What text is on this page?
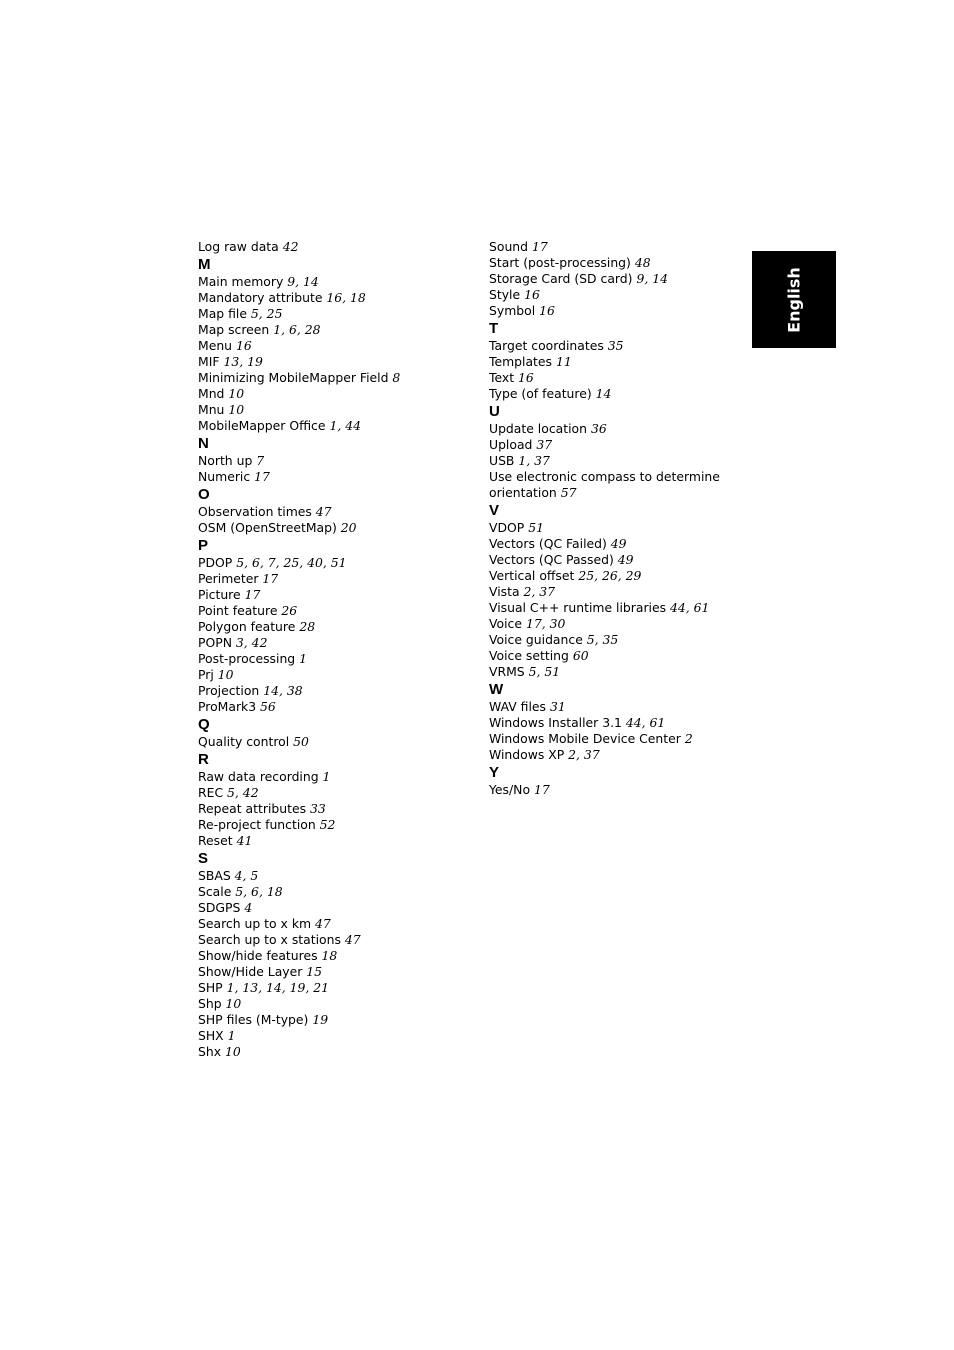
Log raw data 42
M
Main memory 9, 14
Mandatory attribute 16, 18
Map file 5, 25
Map screen 1, 6, 28
Menu 16
MIF 13, 19
Minimizing MobileMapper Field 8
Mnd 10
Mnu 10
MobileMapper Office 1, 44
N
North up 7
Numeric 17
O
Observation times 47
OSM (OpenStreetMap) 20
P
PDOP 5, 6, 7, 25, 40, 51
Perimeter 17
Picture 17
Point feature 26
Polygon feature 28
POPN 3, 42
Post-processing 1
Prj 10
Projection 14, 38
ProMark3 56
Q
Quality control 50
R
Raw data recording 1
REC 5, 42
Repeat attributes 33
Re-project function 52
Reset 41
S
SBAS 4, 5
Scale 5, 6, 18
SDGPS 4
Search up to x km 47
Search up to x stations 47
Show/hide features 18
Show/Hide Layer 15
SHP 1, 13, 14, 19, 21
Shp 10
SHP files (M-type) 19
SHX 1
Shx 10
Sound 17
Start (post-processing) 48
Storage Card (SD card) 9, 14
Style 16
Symbol 16
T
Target coordinates 35
Templates 11
Text 16
Type (of feature) 14
U
Update location 36
Upload 37
USB 1, 37
Use electronic compass to determine orientation 57
V
VDOP 51
Vectors (QC Failed) 49
Vectors (QC Passed) 49
Vertical offset 25, 26, 29
Vista 2, 37
Visual C++ runtime libraries 44, 61
Voice 17, 30
Voice guidance 5, 35
Voice setting 60
VRMS 5, 51
W
WAV files 31
Windows Installer 3.1 44, 61
Windows Mobile Device Center 2
Windows XP 2, 37
Y
Yes/No 17
English
